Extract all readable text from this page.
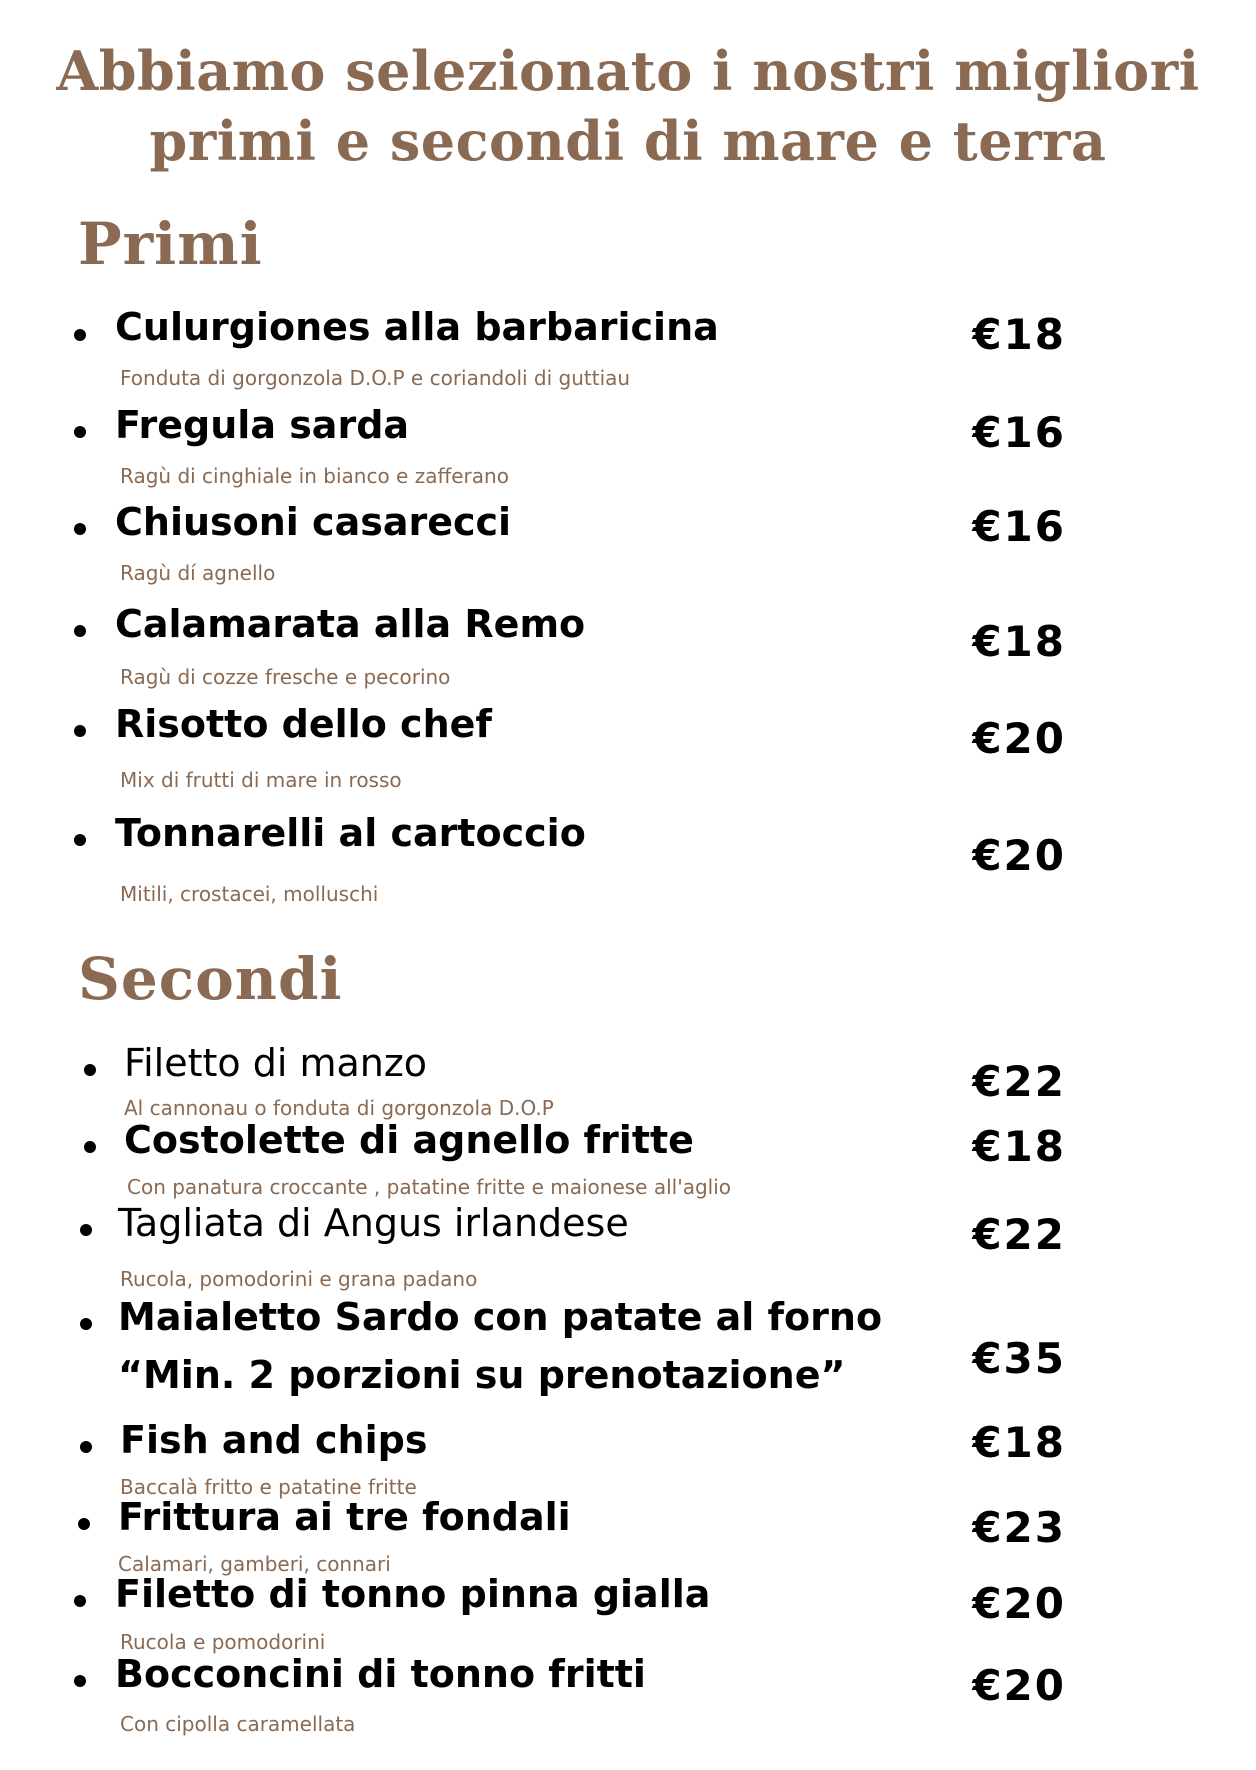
Abbiamo selezionato i nostri migliori
primi e secondi di mare e terra
Primi
Culurgiones alla barbaricina
Fonduta di gorgonzola D.O.P e coriandoli di guttiau
€18
Fregula sarda
Ragù di cinghiale in bianco e zafferano
€16
Chiusoni casarecci
Ragù dí agnello
€16
Calamarata alla Remo
Ragù di cozze fresche e pecorino
€18
Risotto dello chef
Mix di frutti di mare in rosso
€20
Tonnarelli al cartoccio
Mitili, crostacei, molluschi
€20
Secondi
Filetto di manzo
Al cannonau o fonduta di gorgonzola D.O.P
€22
Costolette di agnello fritte
Con panatura croccante , patatine fritte e maionese all'aglio
€18
Tagliata di Angus irlandese
Rucola, pomodorini e grana padano
€22
Maialetto Sardo con patate al forno
“Min. 2 porzioni su prenotazione”	€35
Fish and chips
Baccalà fritto e patatine fritte
€18
Frittura ai tre fondali
Calamari, gamberi, connari
€23
Filetto di tonno pinna gialla
Rucola e pomodorini
€20
Bocconcini di tonno fritti
Con cipolla caramellata
€20
